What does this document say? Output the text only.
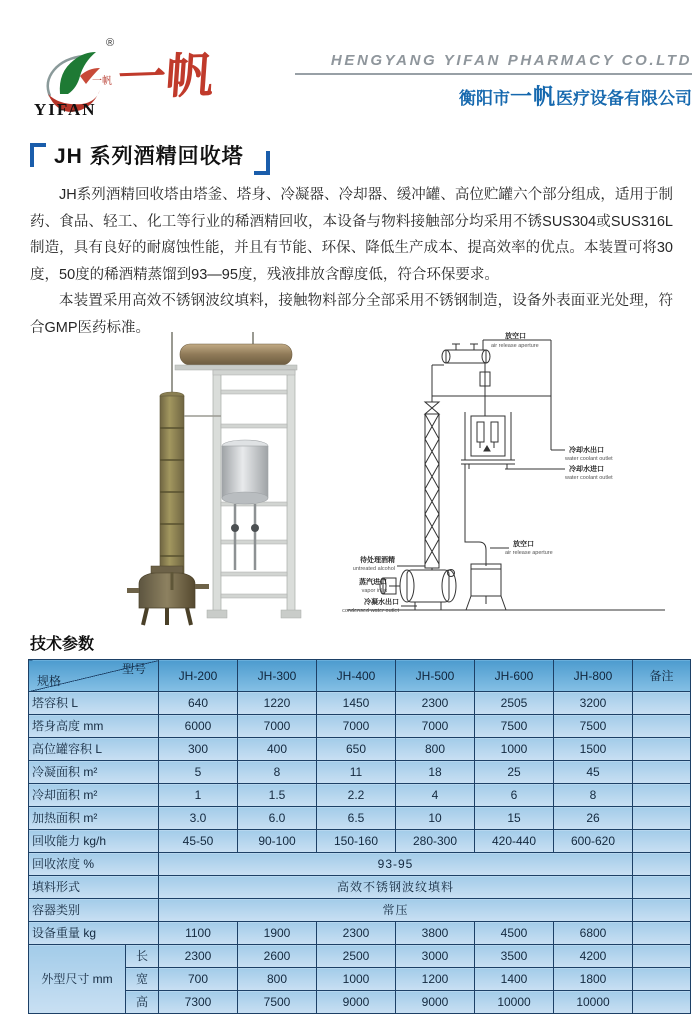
一帆
®
YIFAN
一帆	HENGYANG YIFAN PHARMACY CO.LTD
衡阳市一帆医疗设备有限公司
JH 系列酒精回收塔

JH系列酒精回收塔由塔釜、塔身、冷凝器、冷却器、缓冲罐、高位贮罐六个部分组成，适用于制药、食品、轻工、化工等行业的稀酒精回收，本设备与物料接触部分均采用不锈SUS304或SUS316L制造，具有良好的耐腐蚀性能，并且有节能、环保、降低生产成本、提高效率的优点。本装置可将30度，50度的稀酒精蒸馏到93—95度，残液排放含醇度低，符合环保要求。

本装置采用高效不锈钢波纹填料，接触物料部分全部采用不锈钢制造，设备外表面亚光处理，符合GMP医药标准。

放空口
air release aperture
冷却水出口
water coolant outlet
冷却水进口
water coolant outlet
放空口
air release aperture
待处理酒精
untreated alcohol
蒸汽进口
vapor inlet
冷凝水出口
condensed water outlet
技术参数
型号
规格		JH-200	JH-300	JH-400	JH-500	JH-600	JH-800	备注
塔容积 L		640	1220	1450	2300	2505	3200	
塔身高度 mm		6000	7000	7000	7000	7500	7500	
高位罐容积 L		300	400	650	800	1000	1500	
冷凝面积 m²		5	8	11	18	25	45	
冷却面积 m²		1	1.5	2.2	4	6	8	
加热面积 m²		3.0	6.0	6.5	10	15	26	
回收能力 kg/h		45-50	90-100	150-160	280-300	420-440	600-620	
回收浓度 %		93-95						
填料形式		高效不锈钢波纹填料						
容器类别		常压						
设备重量 kg		1100	1900	2300	3800	4500	6800	
外型尺寸 mm	长	2300	2600	2500	3000	3500	4200	
	宽	700	800	1000	1200	1400	1800	
	高	7300	7500	9000	9000	10000	10000	
